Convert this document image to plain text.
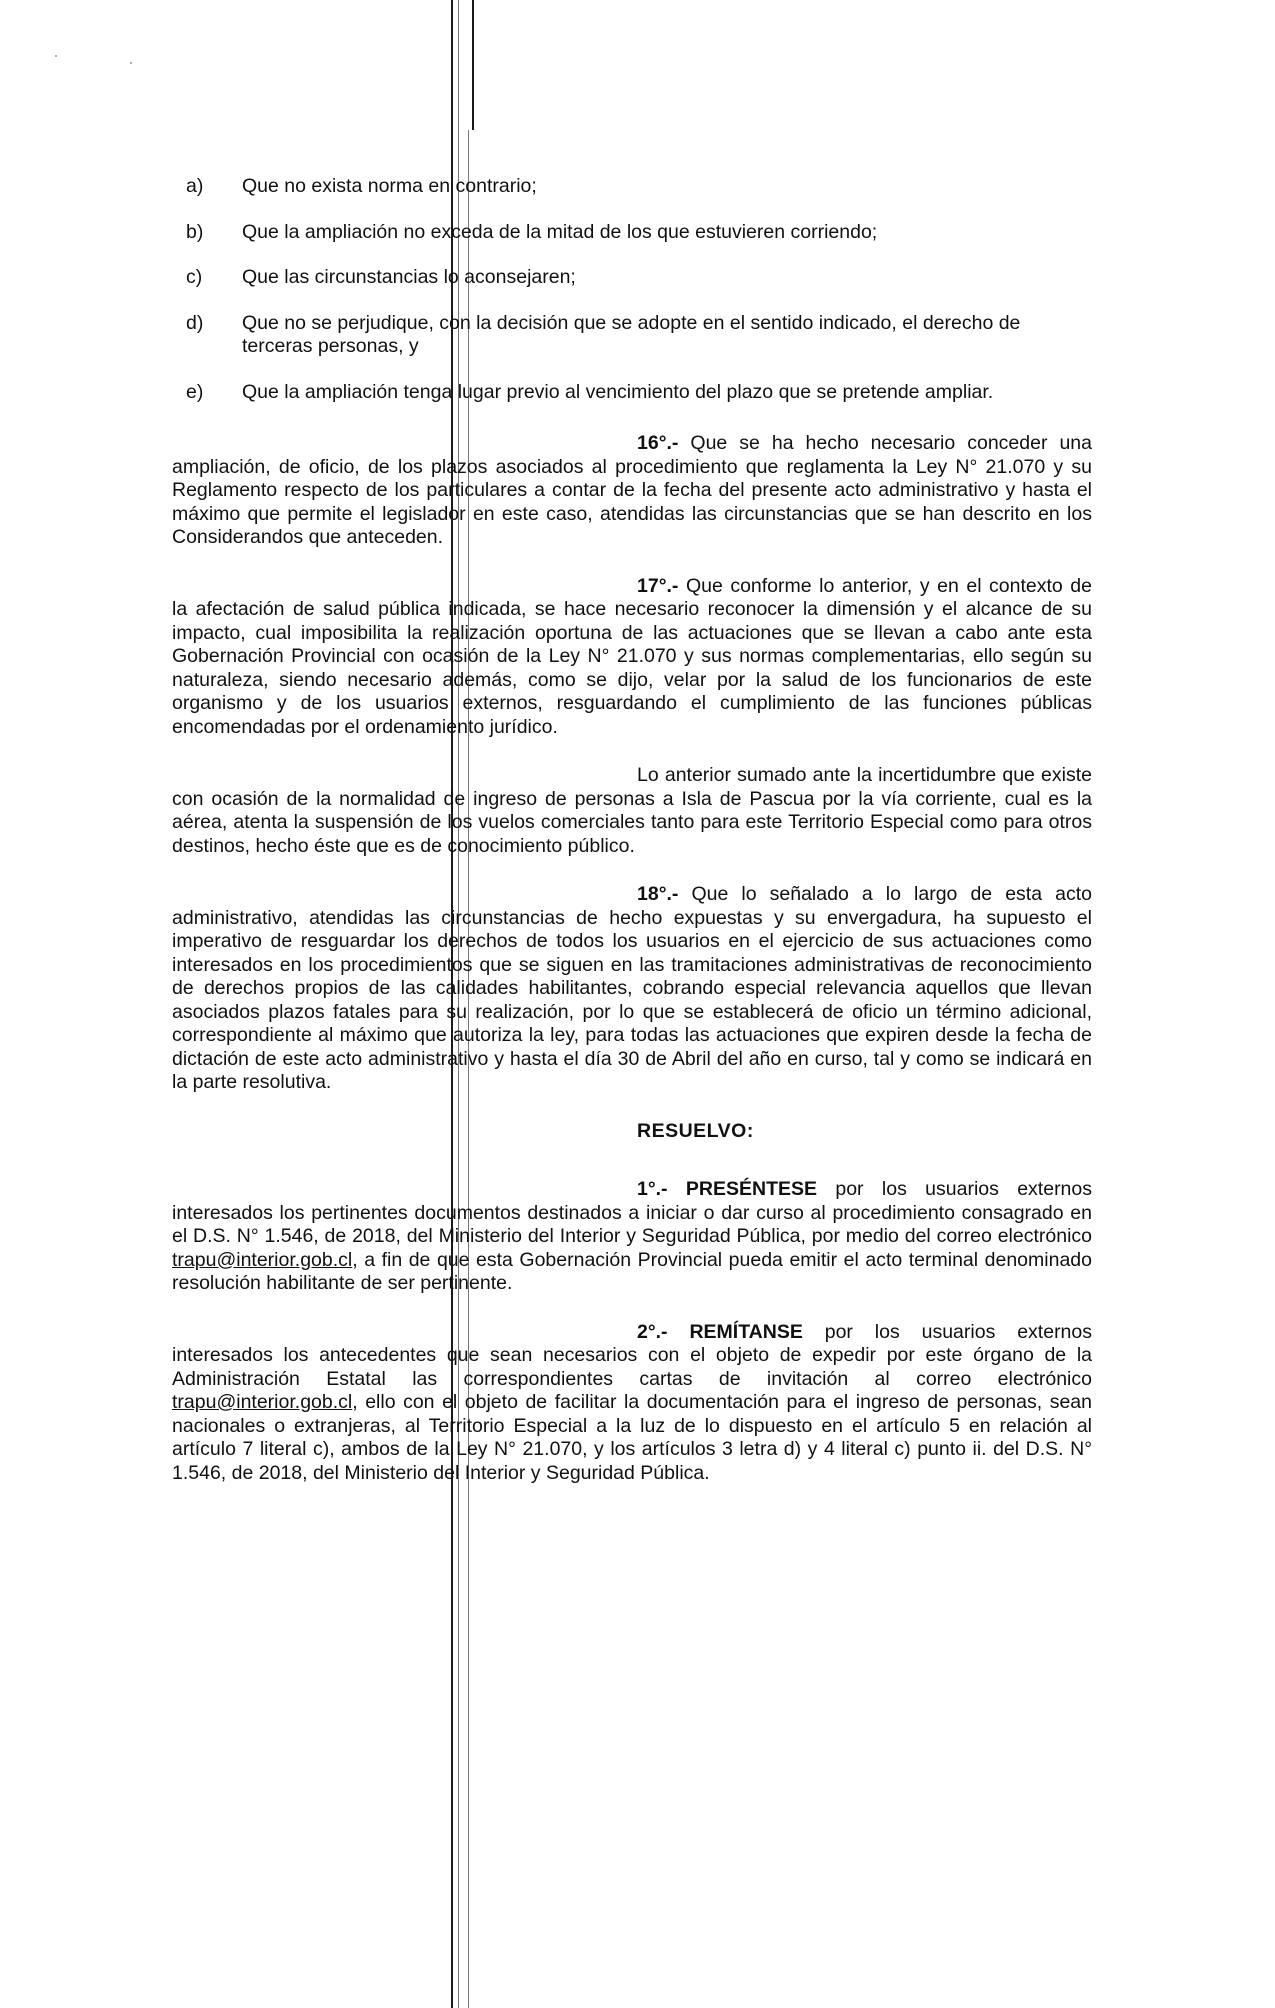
a) Que no exista norma en contrario;
b) Que la ampliación no exceda de la mitad de los que estuvieren corriendo;
c) Que las circunstancias lo aconsejaren;
d) Que no se perjudique, con la decisión que se adopte en el sentido indicado, el derecho de terceras personas, y
e) Que la ampliación tenga lugar previo al vencimiento del plazo que se pretende ampliar.

16°.- Que se ha hecho necesario conceder una ampliación, de oficio, de los plazos asociados al procedimiento que reglamenta la Ley N° 21.070 y su Reglamento respecto de los particulares a contar de la fecha del presente acto administrativo y hasta el máximo que permite el legislador en este caso, atendidas las circunstancias que se han descrito en los Considerandos que anteceden.

17°.- Que conforme lo anterior, y en el contexto de la afectación de salud pública indicada, se hace necesario reconocer la dimensión y el alcance de su impacto, cual imposibilita la realización oportuna de las actuaciones que se llevan a cabo ante esta Gobernación Provincial con ocasión de la Ley N° 21.070 y sus normas complementarias, ello según su naturaleza, siendo necesario además, como se dijo, velar por la salud de los funcionarios de este organismo y de los usuarios externos, resguardando el cumplimiento de las funciones públicas encomendadas por el ordenamiento jurídico.

Lo anterior sumado ante la incertidumbre que existe con ocasión de la normalidad de ingreso de personas a Isla de Pascua por la vía corriente, cual es la aérea, atenta la suspensión de los vuelos comerciales tanto para este Territorio Especial como para otros destinos, hecho éste que es de conocimiento público.

18°.- Que lo señalado a lo largo de esta acto administrativo, atendidas las circunstancias de hecho expuestas y su envergadura, ha supuesto el imperativo de resguardar los derechos de todos los usuarios en el ejercicio de sus actuaciones como interesados en los procedimientos que se siguen en las tramitaciones administrativas de reconocimiento de derechos propios de las calidades habilitantes, cobrando especial relevancia aquellos que llevan asociados plazos fatales para su realización, por lo que se establecerá de oficio un término adicional, correspondiente al máximo que autoriza la ley, para todas las actuaciones que expiren desde la fecha de dictación de este acto administrativo y hasta el día 30 de Abril del año en curso, tal y como se indicará en la parte resolutiva.

RESUELVO:

1°.- PRESÉNTESE por los usuarios externos interesados los pertinentes documentos destinados a iniciar o dar curso al procedimiento consagrado en el D.S. N° 1.546, de 2018, del Ministerio del Interior y Seguridad Pública, por medio del correo electrónico trapu@interior.gob.cl, a fin de que esta Gobernación Provincial pueda emitir el acto terminal denominado resolución habilitante de ser pertinente.

2°.- REMÍTANSE por los usuarios externos interesados los antecedentes que sean necesarios con el objeto de expedir por este órgano de la Administración Estatal las correspondientes cartas de invitación al correo electrónico trapu@interior.gob.cl, ello con el objeto de facilitar la documentación para el ingreso de personas, sean nacionales o extranjeras, al Territorio Especial a la luz de lo dispuesto en el artículo 5 en relación al artículo 7 literal c), ambos de la Ley N° 21.070, y los artículos 3 letra d) y 4 literal c) punto ii. del D.S. N° 1.546, de 2018, del Ministerio del Interior y Seguridad Pública.
